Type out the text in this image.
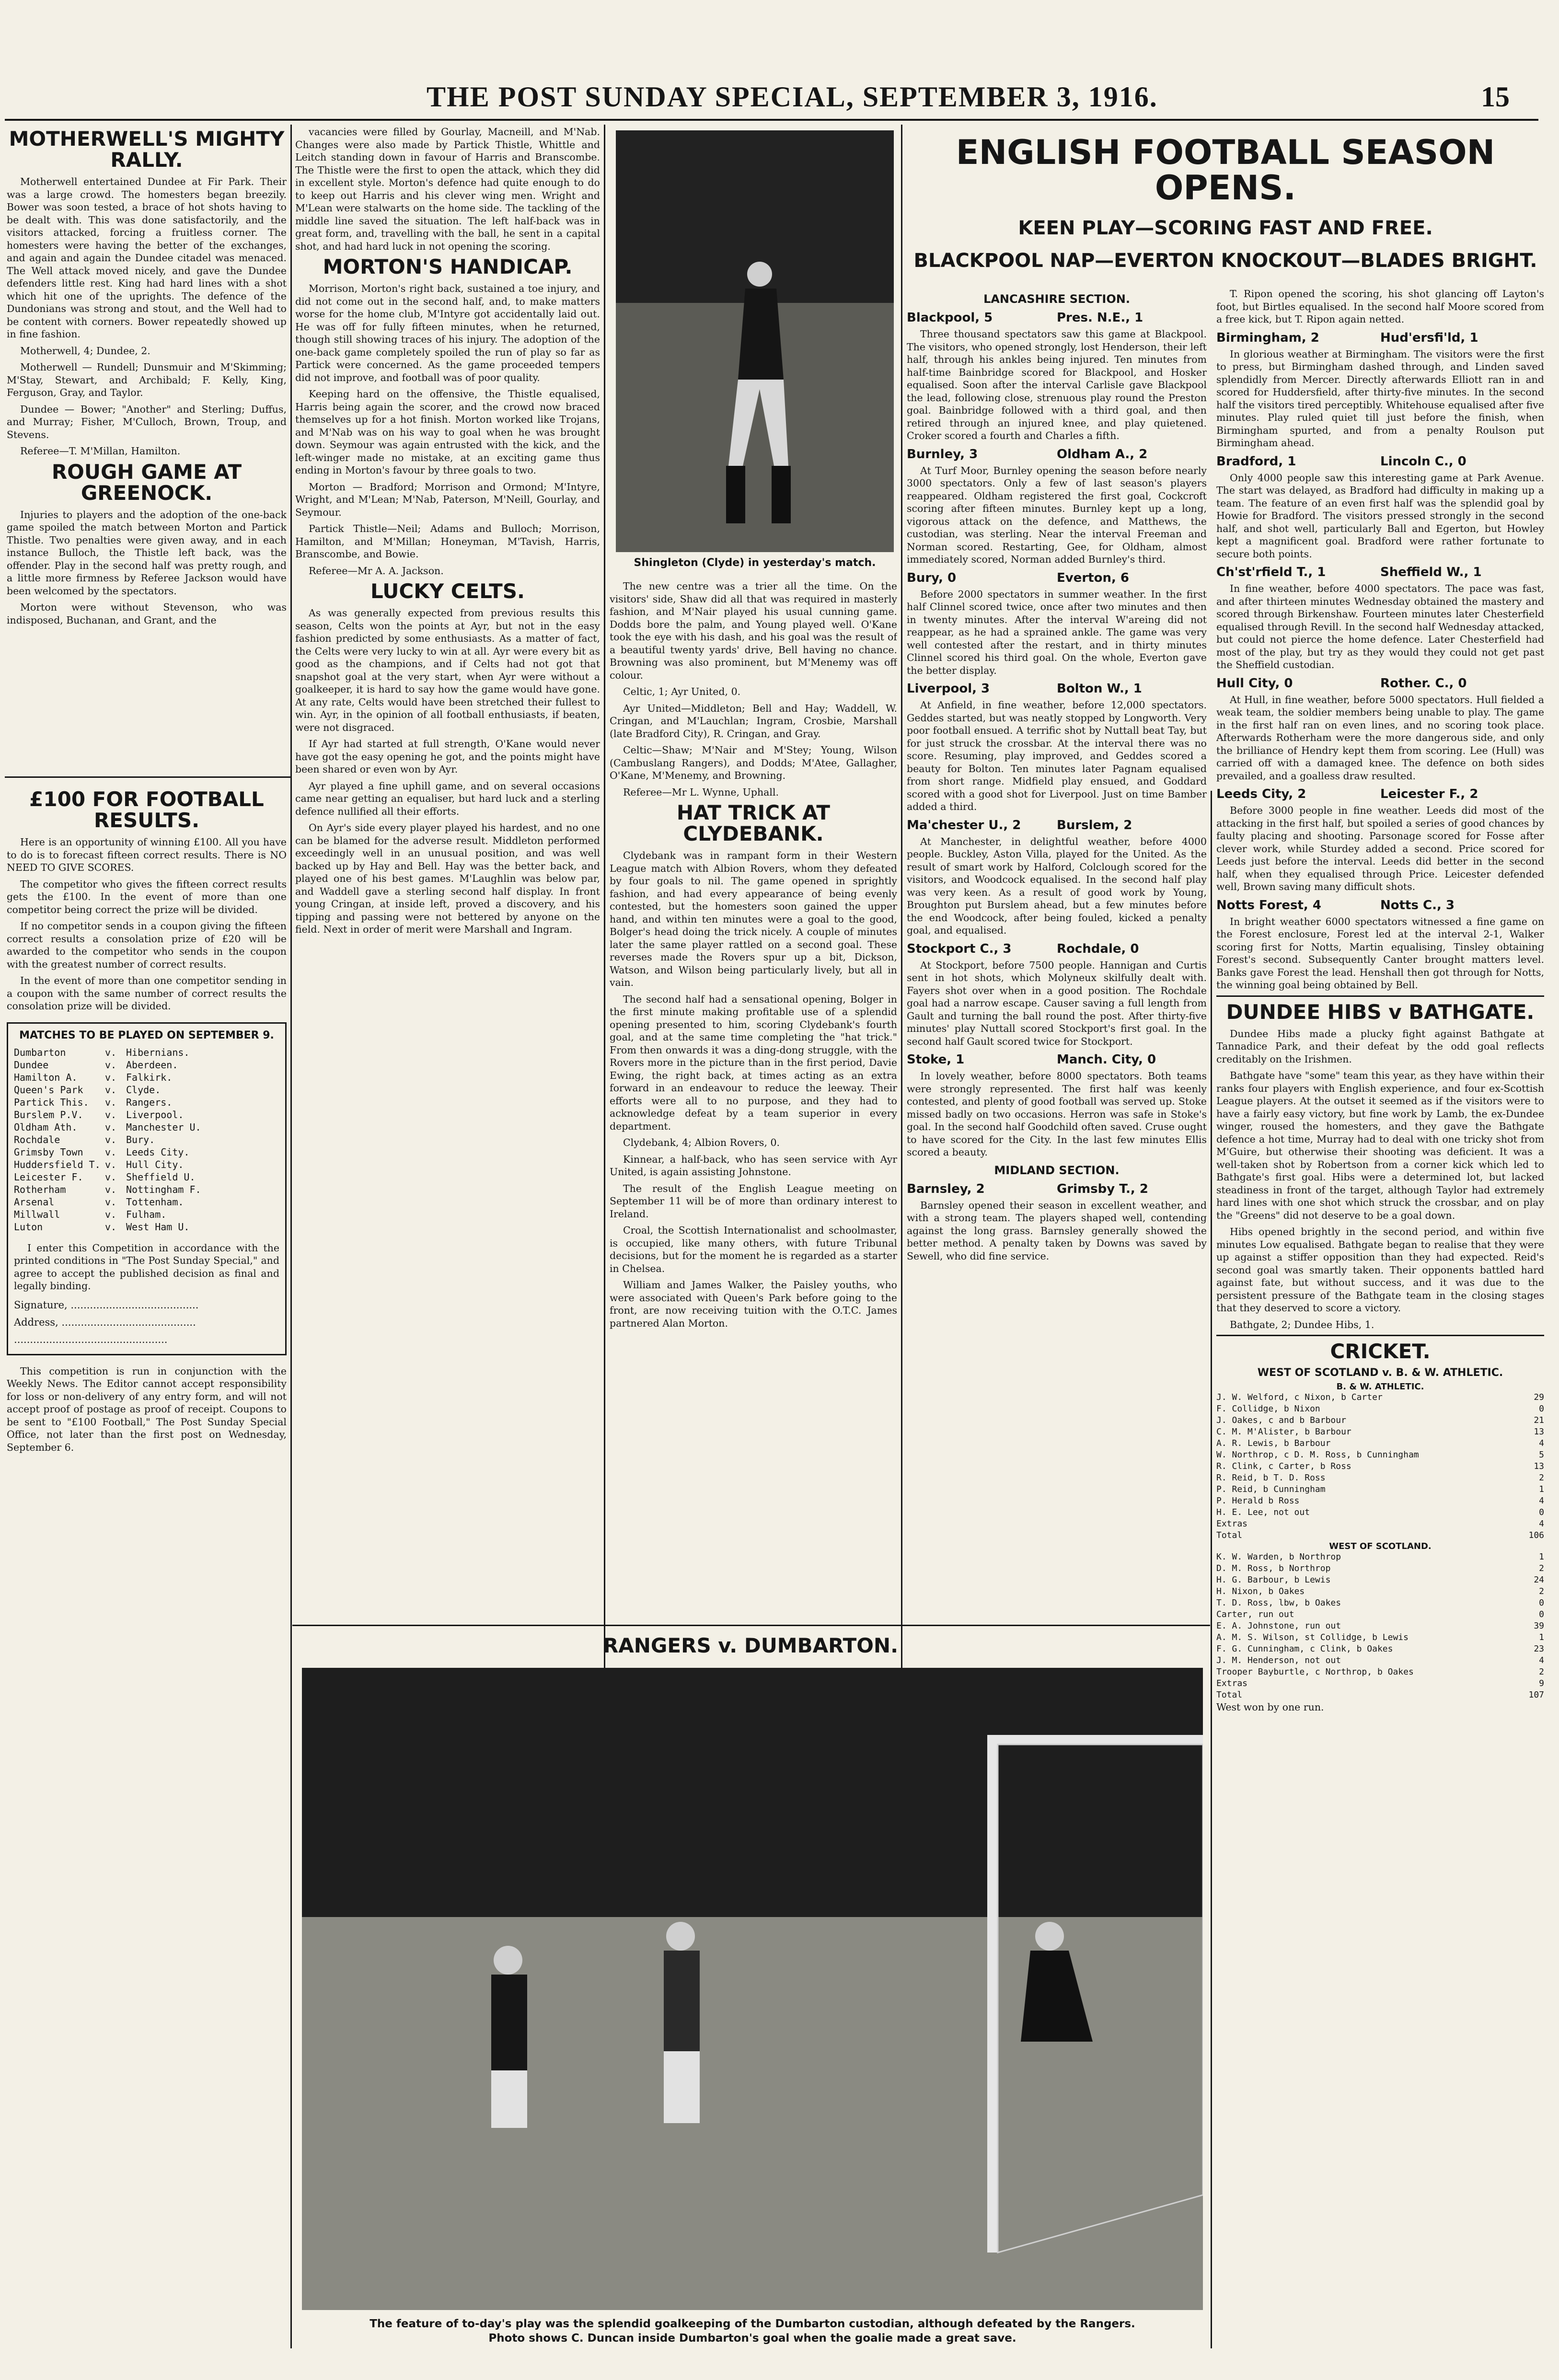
THE POST SUNDAY SPECIAL, SEPTEMBER 3, 1916.	15
MOTHERWELL'S MIGHTY RALLY.

Motherwell entertained Dundee at Fir Park. Their was a large crowd. The homesters began breezily. Bower was soon tested, a brace of hot shots having to be dealt with. This was done satisfactorily, and the visitors attacked, forcing a fruitless corner. The homesters were having the better of the exchanges, and again and again the Dundee citadel was menaced. The Well attack moved nicely, and gave the Dundee defenders little rest. King had hard lines with a shot which hit one of the uprights. The defence of the Dundonians was strong and stout, and the Well had to be content with corners. Bower repeatedly showed up in fine fashion.

Motherwell, 4; Dundee, 2.

Motherwell — Rundell; Dunsmuir and M'Skimming; M'Stay, Stewart, and Archibald; F. Kelly, King, Ferguson, Gray, and Taylor.

Dundee — Bower; "Another" and Sterling; Duffus, and Murray; Fisher, M'Culloch, Brown, Troup, and Stevens.

Referee—T. M'Millan, Hamilton.

ROUGH GAME AT GREENOCK.

Injuries to players and the adoption of the one-back game spoiled the match between Morton and Partick Thistle. Two penalties were given away, and in each instance Bulloch, the Thistle left back, was the offender. Play in the second half was pretty rough, and a little more firmness by Referee Jackson would have been welcomed by the spectators.

Morton were without Stevenson, who was indisposed, Buchanan, and Grant, and the

£100 FOR FOOTBALL RESULTS.

Here is an opportunity of winning £100. All you have to do is to forecast fifteen correct results. There is NO NEED TO GIVE SCORES.

The competitor who gives the fifteen correct results gets the £100. In the event of more than one competitor being correct the prize will be divided.

If no competitor sends in a coupon giving the fifteen correct results a consolation prize of £20 will be awarded to the competitor who sends in the coupon with the greatest number of correct results.

In the event of more than one competitor sending in a coupon with the same number of correct results the consolation prize will be divided.

MATCHES TO BE PLAYED ON SEPTEMBER 9.
Dumbarton	v. Hibernians.
Dundee	v. Aberdeen.
Hamilton A.	v. Falkirk.
Queen's Park	v. Clyde.
Partick This.	v. Rangers.
Burslem P.V.	v. Liverpool.
Oldham Ath.	v. Manchester U.
Rochdale	v. Bury.
Grimsby Town	v. Leeds City.
Huddersfield T. v. Hull City.
Leicester F.	v. Sheffield U.
Rotherham	v. Nottingham F.
Arsenal	v. Tottenham.
Millwall	v. Fulham.
Luton	v. West Ham U.

I enter this Competition in accordance with the printed conditions in "The Post Sunday Special," and agree to accept the published decision as final and legally binding.

Signature, ........................................
Address, ..........................................
................................................

This competition is run in conjunction with the Weekly News. The Editor cannot accept responsibility for loss or non-delivery of any entry form, and will not accept proof of postage as proof of receipt. Coupons to be sent to "£100 Football," The Post Sunday Special Office, not later than the first post on Wednesday, September 6.

vacancies were filled by Gourlay, Macneill, and M'Nab. Changes were also made by Partick Thistle, Whittle and Leitch standing down in favour of Harris and Branscombe. The Thistle were the first to open the attack, which they did in excellent style. Morton's defence had quite enough to do to keep out Harris and his clever wing men. Wright and M'Lean were stalwarts on the home side. The tackling of the middle line saved the situation. The left half-back was in great form, and, travelling with the ball, he sent in a capital shot, and had hard luck in not opening the scoring.

MORTON'S HANDICAP.

Morrison, Morton's right back, sustained a toe injury, and did not come out in the second half, and, to make matters worse for the home club, M'Intyre got accidentally laid out. He was off for fully fifteen minutes, when he returned, though still showing traces of his injury. The adoption of the one-back game completely spoiled the run of play so far as Partick were concerned. As the game proceeded tempers did not improve, and football was of poor quality.

Keeping hard on the offensive, the Thistle equalised, Harris being again the scorer, and the crowd now braced themselves up for a hot finish. Morton worked like Trojans, and M'Nab was on his way to goal when he was brought down. Seymour was again entrusted with the kick, and the left-winger made no mistake, at an exciting game thus ending in Morton's favour by three goals to two.

Morton — Bradford; Morrison and Ormond; M'Intyre, Wright, and M'Lean; M'Nab, Paterson, M'Neill, Gourlay, and Seymour.

Partick Thistle—Neil; Adams and Bulloch; Morrison, Hamilton, and M'Millan; Honeyman, M'Tavish, Harris, Branscombe, and Bowie.

Referee—Mr A. A. Jackson.

LUCKY CELTS.

As was generally expected from previous results this season, Celts won the points at Ayr, but not in the easy fashion predicted by some enthusiasts. As a matter of fact, the Celts were very lucky to win at all. Ayr were every bit as good as the champions, and if Celts had not got that snapshot goal at the very start, when Ayr were without a goalkeeper, it is hard to say how the game would have gone. At any rate, Celts would have been stretched their fullest to win. Ayr, in the opinion of all football enthusiasts, if beaten, were not disgraced.

If Ayr had started at full strength, O'Kane would never have got the easy opening he got, and the points might have been shared or even won by Ayr.

Ayr played a fine uphill game, and on several occasions came near getting an equaliser, but hard luck and a sterling defence nullified all their efforts.

On Ayr's side every player played his hardest, and no one can be blamed for the adverse result. Middleton performed exceedingly well in an unusual position, and was well backed up by Hay and Bell. Hay was the better back, and played one of his best games. M'Laughlin was below par, and Waddell gave a sterling second half display. In front young Cringan, at inside left, proved a discovery, and his tipping and passing were not bettered by anyone on the field. Next in order of merit were Marshall and Ingram.

Shingleton (Clyde) in yesterday's match.

The new centre was a trier all the time. On the visitors' side, Shaw did all that was required in masterly fashion, and M'Nair played his usual cunning game. Dodds bore the palm, and Young played well. O'Kane took the eye with his dash, and his goal was the result of a beautiful twenty yards' drive, Bell having no chance. Browning was also prominent, but M'Menemy was off colour.

Celtic, 1; Ayr United, 0.

Ayr United—Middleton; Bell and Hay; Waddell, W. Cringan, and M'Lauchlan; Ingram, Crosbie, Marshall (late Bradford City), R. Cringan, and Gray.

Celtic—Shaw; M'Nair and M'Stey; Young, Wilson (Cambuslang Rangers), and Dodds; M'Atee, Gallagher, O'Kane, M'Menemy, and Browning.

Referee—Mr L. Wynne, Uphall.

HAT TRICK AT CLYDEBANK.

Clydebank was in rampant form in their Western League match with Albion Rovers, whom they defeated by four goals to nil. The game opened in sprightly fashion, and had every appearance of being evenly contested, but the homesters soon gained the upper hand, and within ten minutes were a goal to the good, Bolger's head doing the trick nicely. A couple of minutes later the same player rattled on a second goal. These reverses made the Rovers spur up a bit, Dickson, Watson, and Wilson being particularly lively, but all in vain.

The second half had a sensational opening, Bolger in the first minute making profitable use of a splendid opening presented to him, scoring Clydebank's fourth goal, and at the same time completing the "hat trick." From then onwards it was a ding-dong struggle, with the Rovers more in the picture than in the first period, Davie Ewing, the right back, at times acting as an extra forward in an endeavour to reduce the leeway. Their efforts were all to no purpose, and they had to acknowledge defeat by a team superior in every department.

Clydebank, 4; Albion Rovers, 0.

Kinnear, a half-back, who has seen service with Ayr United, is again assisting Johnstone.

The result of the English League meeting on September 11 will be of more than ordinary interest to Ireland.

Croal, the Scottish Internationalist and schoolmaster, is occupied, like many others, with future Tribunal decisions, but for the moment he is regarded as a starter in Chelsea.

William and James Walker, the Paisley youths, who were associated with Queen's Park before going to the front, are now receiving tuition with the O.T.C. James partnered Alan Morton.

ENGLISH FOOTBALL SEASON OPENS.
KEEN PLAY—SCORING FAST AND FREE.
BLACKPOOL NAP—EVERTON KNOCKOUT—BLADES BRIGHT.
LANCASHIRE SECTION.
Blackpool, 5	Pres. N.E., 1

Three thousand spectators saw this game at Blackpool. The visitors, who opened strongly, lost Henderson, their left half, through his ankles being injured. Ten minutes from half-time Bainbridge scored for Blackpool, and Hosker equalised. Soon after the interval Carlisle gave Blackpool the lead, following close, strenuous play round the Preston goal. Bainbridge followed with a third goal, and then retired through an injured knee, and play quietened. Croker scored a fourth and Charles a fifth.

Burnley, 3	Oldham A., 2

At Turf Moor, Burnley opening the season before nearly 3000 spectators. Only a few of last season's players reappeared. Oldham registered the first goal, Cockcroft scoring after fifteen minutes. Burnley kept up a long, vigorous attack on the defence, and Matthews, the custodian, was sterling. Near the interval Freeman and Norman scored. Restarting, Gee, for Oldham, almost immediately scored, Norman added Burnley's third.

Bury, 0	Everton, 6

Before 2000 spectators in summer weather. In the first half Clinnel scored twice, once after two minutes and then in twenty minutes. After the interval W'areing did not reappear, as he had a sprained ankle. The game was very well contested after the restart, and in thirty minutes Clinnel scored his third goal. On the whole, Everton gave the better display.

Liverpool, 3	Bolton W., 1

At Anfield, in fine weather, before 12,000 spectators. Geddes started, but was neatly stopped by Longworth. Very poor football ensued. A terrific shot by Nuttall beat Tay, but for just struck the crossbar. At the interval there was no score. Resuming, play improved, and Geddes scored a beauty for Bolton. Ten minutes later Pagnam equalised from short range. Midfield play ensued, and Goddard scored with a good shot for Liverpool. Just on time Bamber added a third.

Ma'chester U., 2	Burslem, 2

At Manchester, in delightful weather, before 4000 people. Buckley, Aston Villa, played for the United. As the result of smart work by Halford, Colclough scored for the visitors, and Woodcock equalised. In the second half play was very keen. As a result of good work by Young, Broughton put Burslem ahead, but a few minutes before the end Woodcock, after being fouled, kicked a penalty goal, and equalised.

Stockport C., 3	Rochdale, 0

At Stockport, before 7500 people. Hannigan and Curtis sent in hot shots, which Molyneux skilfully dealt with. Fayers shot over when in a good position. The Rochdale goal had a narrow escape. Causer saving a full length from Gault and turning the ball round the post. After thirty-five minutes' play Nuttall scored Stockport's first goal. In the second half Gault scored twice for Stockport.

Stoke, 1	Manch. City, 0

In lovely weather, before 8000 spectators. Both teams were strongly represented. The first half was keenly contested, and plenty of good football was served up. Stoke missed badly on two occasions. Herron was safe in Stoke's goal. In the second half Goodchild often saved. Cruse ought to have scored for the City. In the last few minutes Ellis scored a beauty.

MIDLAND SECTION.
Barnsley, 2	Grimsby T., 2

Barnsley opened their season in excellent weather, and with a strong team. The players shaped well, contending against the long grass. Barnsley generally showed the better method. A penalty taken by Downs was saved by Sewell, who did fine service.

T. Ripon opened the scoring, his shot glancing off Layton's foot, but Birtles equalised. In the second half Moore scored from a free kick, but T. Ripon again netted.

Birmingham, 2	Hud'ersfi'ld, 1

In glorious weather at Birmingham. The visitors were the first to press, but Birmingham dashed through, and Linden saved splendidly from Mercer. Directly afterwards Elliott ran in and scored for Huddersfield, after thirty-five minutes. In the second half the visitors tired perceptibly. Whitehouse equalised after five minutes. Play ruled quiet till just before the finish, when Birmingham spurted, and from a penalty Roulson put Birmingham ahead.

Bradford, 1	Lincoln C., 0

Only 4000 people saw this interesting game at Park Avenue. The start was delayed, as Bradford had difficulty in making up a team. The feature of an even first half was the splendid goal by Howie for Bradford. The visitors pressed strongly in the second half, and shot well, particularly Ball and Egerton, but Howley kept a magnificent goal. Bradford were rather fortunate to secure both points.

Ch'st'rfield T., 1	Sheffield W., 1

In fine weather, before 4000 spectators. The pace was fast, and after thirteen minutes Wednesday obtained the mastery and scored through Birkenshaw. Fourteen minutes later Chesterfield equalised through Revill. In the second half Wednesday attacked, but could not pierce the home defence. Later Chesterfield had most of the play, but try as they would they could not get past the Sheffield custodian.

Hull City, 0	Rother. C., 0

At Hull, in fine weather, before 5000 spectators. Hull fielded a weak team, the soldier members being unable to play. The game in the first half ran on even lines, and no scoring took place. Afterwards Rotherham were the more dangerous side, and only the brilliance of Hendry kept them from scoring. Lee (Hull) was carried off with a damaged knee. The defence on both sides prevailed, and a goalless draw resulted.

Leeds City, 2	Leicester F., 2

Before 3000 people in fine weather. Leeds did most of the attacking in the first half, but spoiled a series of good chances by faulty placing and shooting. Parsonage scored for Fosse after clever work, while Sturdey added a second. Price scored for Leeds just before the interval. Leeds did better in the second half, when they equalised through Price. Leicester defended well, Brown saving many difficult shots.

Notts Forest, 4	Notts C., 3

In bright weather 6000 spectators witnessed a fine game on the Forest enclosure, Forest led at the interval 2-1, Walker scoring first for Notts, Martin equalising, Tinsley obtaining Forest's second. Subsequently Canter brought matters level. Banks gave Forest the lead. Henshall then got through for Notts, the winning goal being obtained by Bell.

DUNDEE HIBS v BATHGATE.

Dundee Hibs made a plucky fight against Bathgate at Tannadice Park, and their defeat by the odd goal reflects creditably on the Irishmen.

Bathgate have "some" team this year, as they have within their ranks four players with English experience, and four ex-Scottish League players. At the outset it seemed as if the visitors were to have a fairly easy victory, but fine work by Lamb, the ex-Dundee winger, roused the homesters, and they gave the Bathgate defence a hot time, Murray had to deal with one tricky shot from M'Guire, but otherwise their shooting was deficient. It was a well-taken shot by Robertson from a corner kick which led to Bathgate's first goal. Hibs were a determined lot, but lacked steadiness in front of the target, although Taylor had extremely hard lines with one shot which struck the crossbar, and on play the "Greens" did not deserve to be a goal down.

Hibs opened brightly in the second period, and within five minutes Low equalised. Bathgate began to realise that they were up against a stiffer opposition than they had expected. Reid's second goal was smartly taken. Their opponents battled hard against fate, but without success, and it was due to the persistent pressure of the Bathgate team in the closing stages that they deserved to score a victory.

Bathgate, 2; Dundee Hibs, 1.

CRICKET.
WEST OF SCOTLAND v. B. & W. ATHLETIC.
B. & W. ATHLETIC.
J. W. Welford, c Nixon, b Carter	29
F. Collidge, b Nixon	0
J. Oakes, c and b Barbour	21
C. M. M'Alister, b Barbour	13
A. R. Lewis, b Barbour	4
W. Northrop, c D. M. Ross, b Cunningham	5
R. Clink, c Carter, b Ross	13
R. Reid, b T. D. Ross	2
P. Reid, b Cunningham	1
P. Herald b Ross	4
H. E. Lee, not out	0
Extras	4
Total	106
WEST OF SCOTLAND.
K. W. Warden, b Northrop	1
D. M. Ross, b Northrop	2
H. G. Barbour, b Lewis	24
H. Nixon, b Oakes	2
T. D. Ross, lbw, b Oakes	0
Carter, run out	0
E. A. Johnstone, run out	39
A. M. S. Wilson, st Collidge, b Lewis	1
F. G. Cunningham, c Clink, b Oakes	23
J. M. Henderson, not out	4
Trooper Bayburtle, c Northrop, b Oakes	2
Extras	9
Total	107

West won by one run.

RANGERS v. DUMBARTON.
The feature of to-day's play was the splendid goalkeeping of the Dumbarton custodian, although defeated by the Rangers.
Photo shows C. Duncan inside Dumbarton's goal when the goalie made a great save.
